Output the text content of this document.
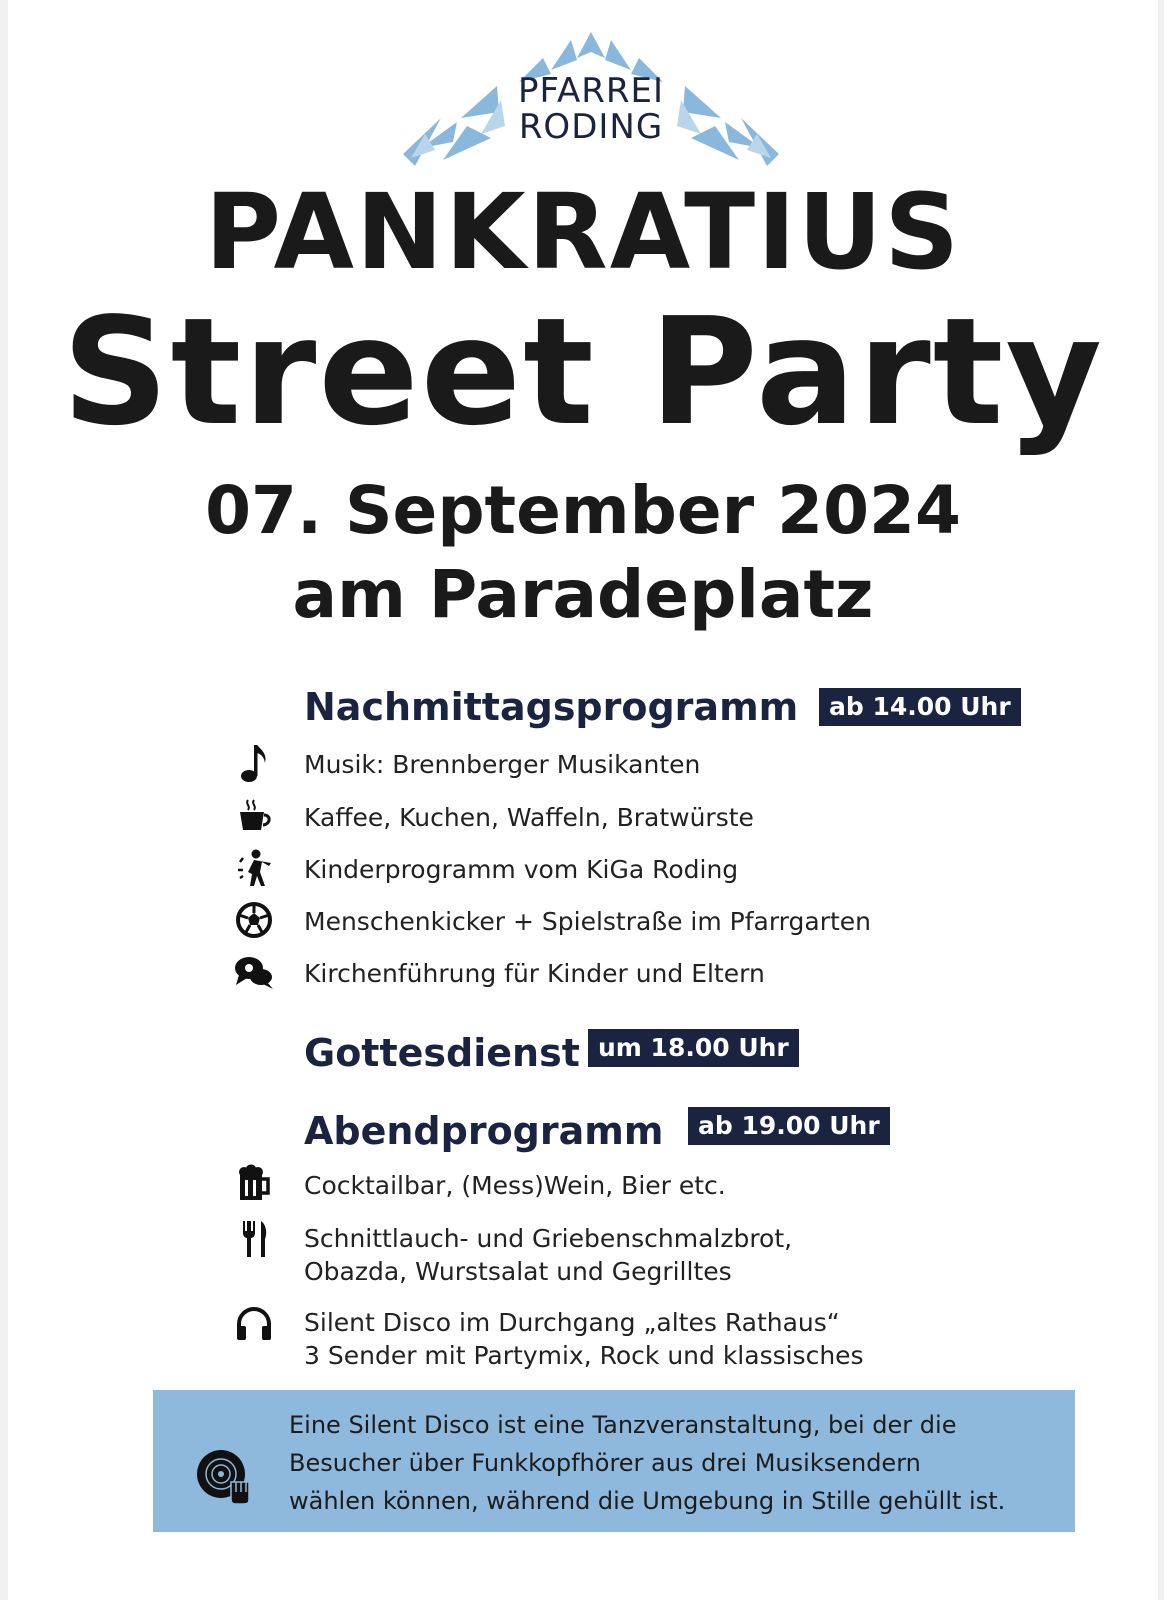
PFARREI
RODING
PANKRATIUS
Street Party
07. September 2024
am Paradeplatz
Nachmittagsprogramm	ab 14.00 Uhr
Musik: Brennberger Musikanten
Kaffee, Kuchen, Waffeln, Bratwürste
Kinderprogramm vom KiGa Roding
Menschenkicker + Spielstraße im Pfarrgarten
Kirchenführung für Kinder und Eltern
Gottesdienst um 18.00 Uhr
Abendprogramm	ab 19.00 Uhr
Cocktailbar, (Mess)Wein, Bier etc.
Schnittlauch- und Griebenschmalzbrot,
Obazda, Wurstsalat und Gegrilltes
Silent Disco im Durchgang „altes Rathaus“
3 Sender mit Partymix, Rock und klassisches
Eine Silent Disco ist eine Tanzveranstaltung, bei der die
Besucher über Funkkopfhörer aus drei Musiksendern
wählen können, während die Umgebung in Stille gehüllt ist.
